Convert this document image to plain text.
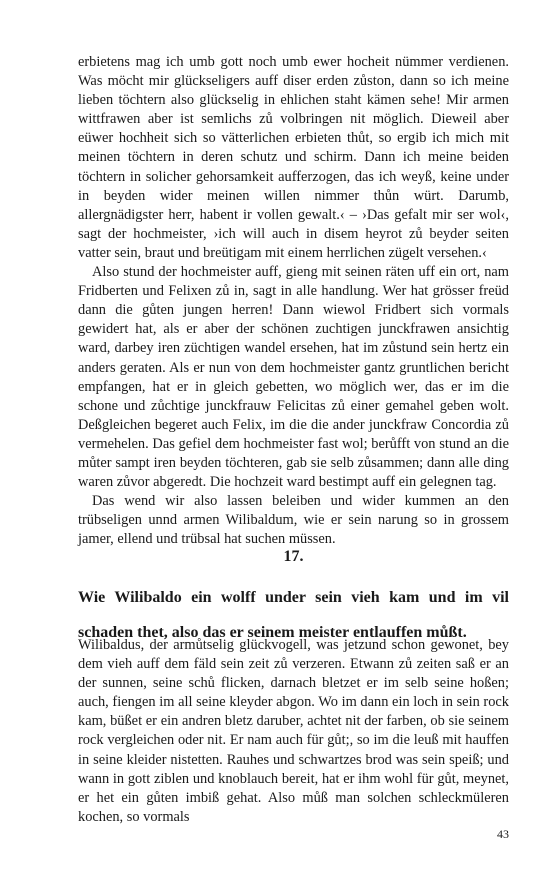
erbietens mag ich umb gott noch umb ewer hocheit nümmer verdienen. Was möcht mir glückseligers auff diser erden zůston, dann so ich meine lieben töchtern also glückselig in ehlichen staht kämen sehe! Mir armen wittfrawen aber ist semlichs zů volbringen nit möglich. Dieweil aber eüwer hochheit sich so vätterlichen erbieten thůt, so ergib ich mich mit meinen töchtern in deren schutz und schirm. Dann ich meine beiden töchtern in solicher gehorsamkeit aufferzogen, das ich weyß, keine under in beyden wider meinen willen nimmer thůn würt. Darumb, allergnädigster herr, habent ir vollen gewalt.‹ – ›Das gefalt mir ser wol‹, sagt der hochmeister, ›ich will auch in disem heyrot zů beyder seiten vatter sein, braut und breütigam mit einem herrlichen zügelt versehen.‹

Also stund der hochmeister auff, gieng mit seinen räten uff ein ort, nam Fridberten und Felixen zů in, sagt in alle handlung. Wer hat grösser freüd dann die gůten jungen herren! Dann wiewol Fridbert sich vormals gewidert hat, als er aber der schönen zuchtigen junckfrawen ansichtig ward, darbey iren züchtigen wandel ersehen, hat im zůstund sein hertz ein anders geraten. Als er nun von dem hochmeister gantz gruntlichen bericht empfangen, hat er in gleich gebetten, wo möglich wer, das er im die schone und zůchtige junckfrauw Felicitas zů einer gemahel geben wolt. Deßgleichen begeret auch Felix, im die die ander junckfraw Concordia zů vermehelen. Das gefiel dem hochmeister fast wol; berůfft von stund an die můter sampt iren beyden töchteren, gab sie selb zůsammen; dann alle ding waren zůvor abgeredt. Die hochzeit ward bestimpt auff ein gelegnen tag.

Das wend wir also lassen beleiben und wider kummen an den trübseligen unnd armen Wilibaldum, wie er sein narung so in grossem jamer, ellend und trübsal hat suchen müssen.

17.
Wie Wilibaldo ein wolff under sein vieh kam und im vil schaden thet, also das er seinem meister entlauffen můßt.

Wilibaldus, der armůtselig glückvogell, was jetzund schon gewonet, bey dem vieh auff dem fäld sein zeit zů verzeren. Etwann zů zeiten saß er an der sunnen, seine schů flicken, darnach bletzet er im selb seine hoßen; auch, fiengen im all seine kleyder abgon. Wo im dann ein loch in sein rock kam, büßet er ein andren bletz daruber, achtet nit der farben, ob sie seinem rock vergleichen oder nit. Er nam auch für gůt;, so im die leuß mit hauffen in seine kleider nistetten. Rauhes und schwartzes brod was sein speiß; und wann in gott ziblen und knoblauch bereit, hat er ihm wohl für gůt, meynet, er het ein gůten imbiß gehat. Also můß man solchen schleckmüleren kochen, so vormals

43
